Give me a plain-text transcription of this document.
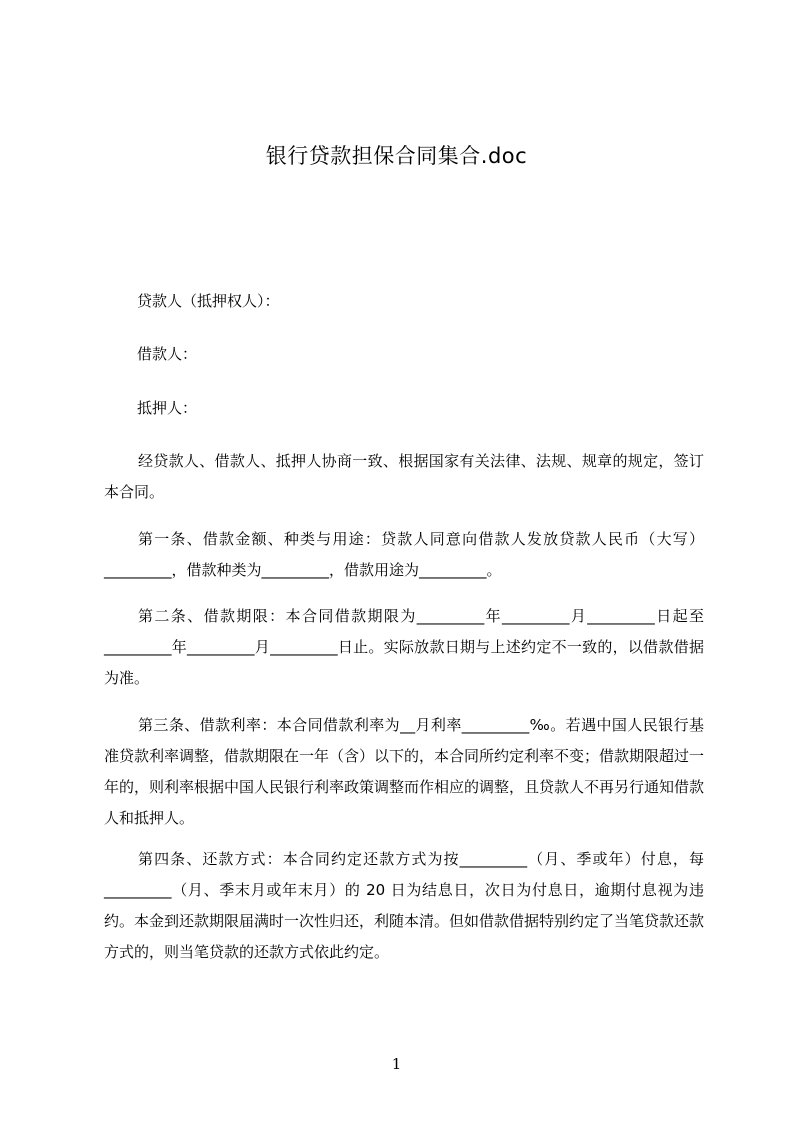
银行贷款担保合同集合.doc
贷款人（抵押权人）：
借款人：
抵押人：
经贷款人、借款人、抵押人协商一致、根据国家有关法律、法规、规章的规定，签订本合同。
第一条、借款金额、种类与用途：贷款人同意向借款人发放贷款人民币（大写）_________，借款种类为_________，借款用途为_________。
第二条、借款期限：本合同借款期限为_________年_________月_________日起至_________年_________月_________日止。实际放款日期与上述约定不一致的，以借款借据为准。
第三条、借款利率：本合同借款利率为__月利率_________‰。若遇中国人民银行基准贷款利率调整，借款期限在一年（含）以下的，本合同所约定利率不变；借款期限超过一年的，则利率根据中国人民银行利率政策调整而作相应的调整，且贷款人不再另行通知借款人和抵押人。
第四条、还款方式：本合同约定还款方式为按_________（月、季或年）付息，每_________（月、季末月或年末月）的 20 日为结息日，次日为付息日，逾期付息视为违约。本金到还款期限届满时一次性归还，利随本清。但如借款借据特别约定了当笔贷款还款方式的，则当笔贷款的还款方式依此约定。
1
